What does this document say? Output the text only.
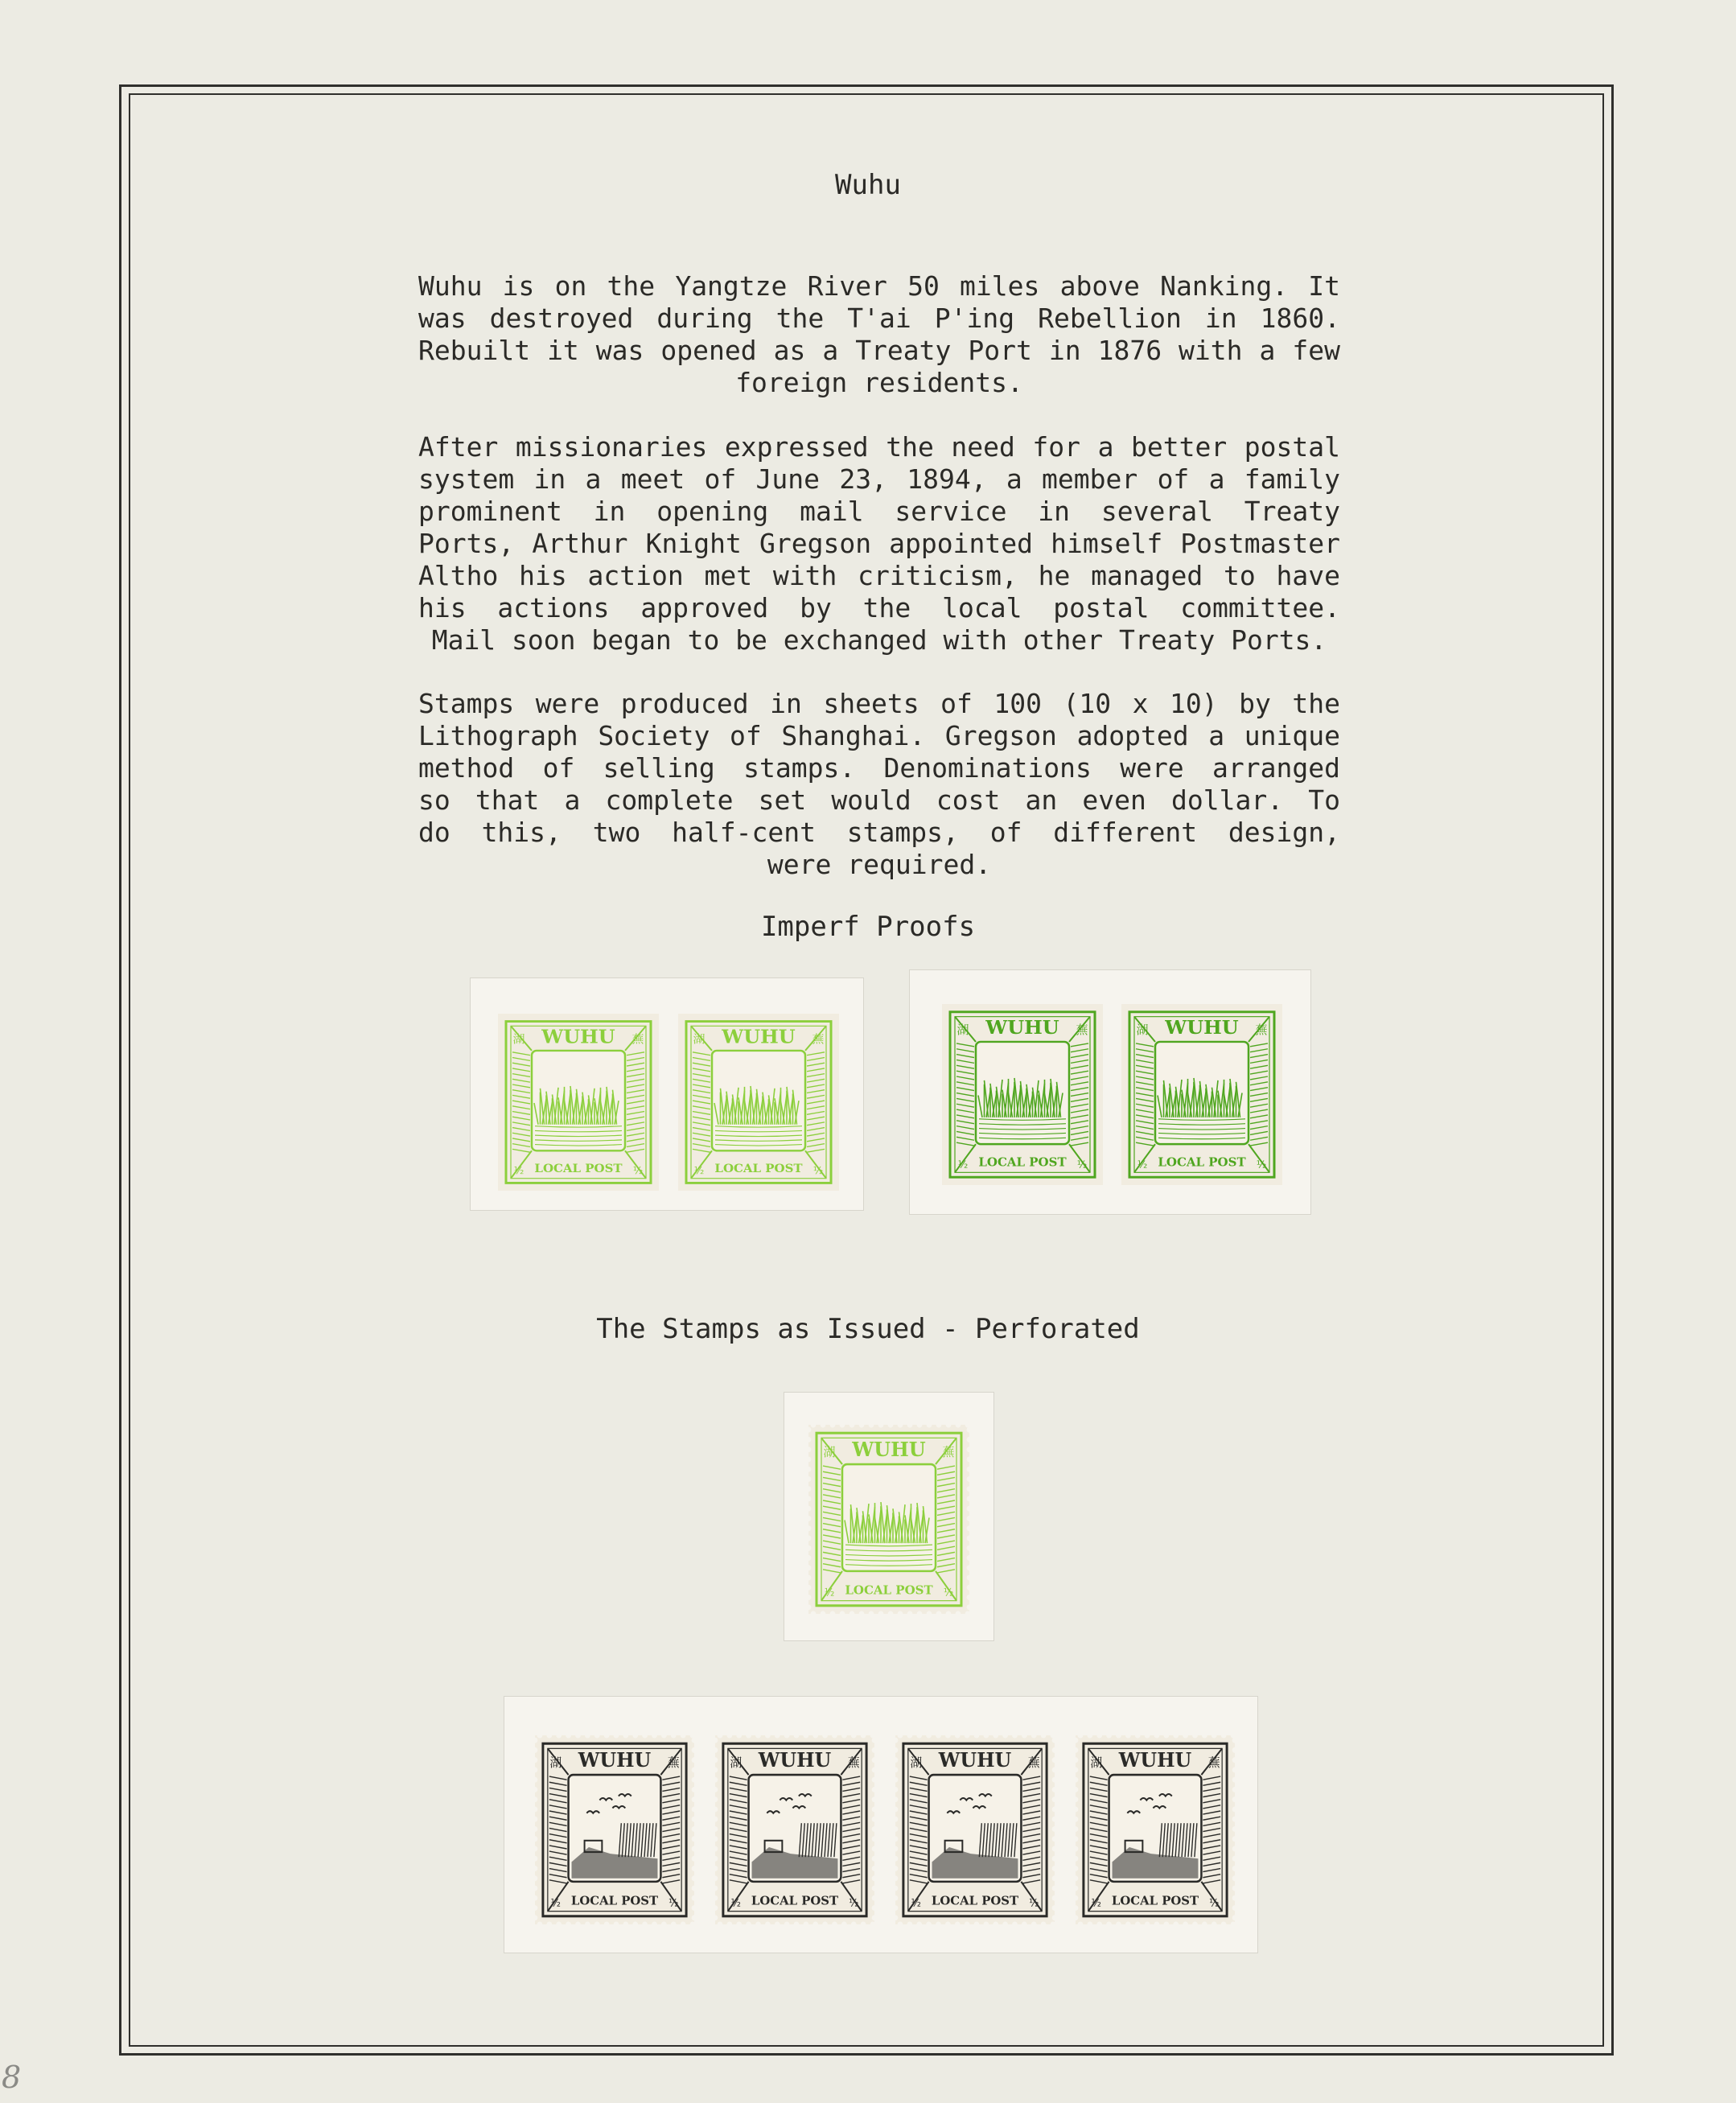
Wuhu

Wuhu is on the Yangtze River 50 miles above Nanking. It
was destroyed during the T'ai P'ing Rebellion in 1860.
Rebuilt it was opened as a Treaty Port in 1876 with a few
foreign residents.

After missionaries expressed the need for a better postal
system in a meet of June 23, 1894, a member of a family
prominent in opening mail service in several Treaty
Ports, Arthur Knight Gregson appointed himself Postmaster
Altho his action met with criticism, he managed to have
his actions approved by the local postal committee.
Mail soon began to be exchanged with other Treaty Ports.

Stamps were produced in sheets of 100 (10 x 10) by the
Lithograph Society of Shanghai. Gregson adopted a unique
method of selling stamps. Denominations were arranged
so that a complete set would cost an even dollar. To
do this, two half-cent stamps, of different design,
were required.

Imperf Proofs
WUHU
湖	蕪
LOCAL POST
½	½
WUHU
湖	蕪
LOCAL POST
½	½
WUHU
湖	蕪
LOCAL POST
½	½
WUHU
湖	蕪
LOCAL POST
½	½
The Stamps as Issued - Perforated
WUHU
湖	蕪
LOCAL POST
½	½
WUHU
湖	蕪
LOCAL POST
½	½
WUHU
湖	蕪
LOCAL POST
½	½
WUHU
湖	蕪
LOCAL POST
½	½
WUHU
湖	蕪
LOCAL POST
½	½
8
